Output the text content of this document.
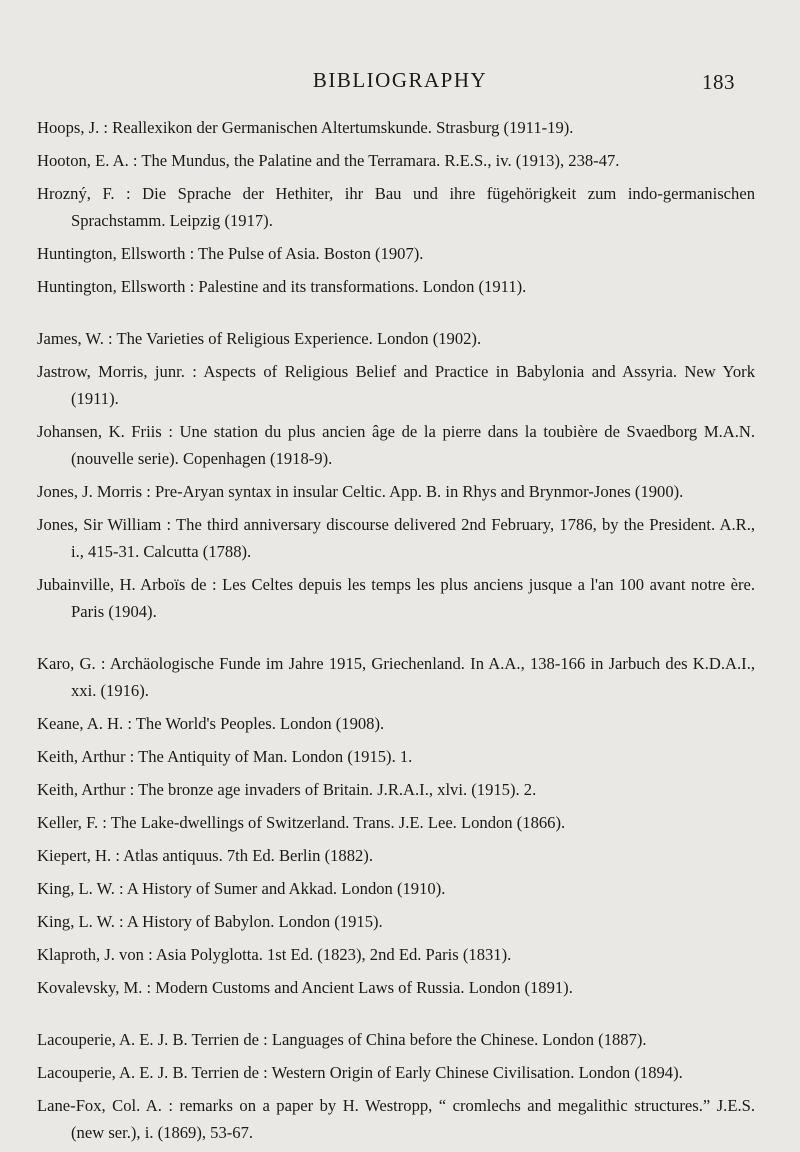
BIBLIOGRAPHY	183

Hoops, J. : Reallexikon der Germanischen Altertumskunde. Strasburg (1911-19).

Hooton, E. A. : The Mundus, the Palatine and the Terramara. R.E.S., iv. (1913), 238-47.

Hrozný, F. : Die Sprache der Hethiter, ihr Bau und ihre fügehörigkeit zum indo-germanischen Sprachstamm. Leipzig (1917).

Huntington, Ellsworth : The Pulse of Asia. Boston (1907).

Huntington, Ellsworth : Palestine and its transformations. London (1911).

James, W. : The Varieties of Religious Experience. London (1902).

Jastrow, Morris, junr. : Aspects of Religious Belief and Practice in Babylonia and Assyria. New York (1911).

Johansen, K. Friis : Une station du plus ancien âge de la pierre dans la toubière de Svaedborg M.A.N. (nouvelle serie). Copenhagen (1918-9).

Jones, J. Morris : Pre-Aryan syntax in insular Celtic. App. B. in Rhys and Brynmor-Jones (1900).

Jones, Sir William : The third anniversary discourse delivered 2nd February, 1786, by the President. A.R., i., 415-31. Calcutta (1788).

Jubainville, H. Arboïs de : Les Celtes depuis les temps les plus anciens jusque a l'an 100 avant notre ère. Paris (1904).

Karo, G. : Archäologische Funde im Jahre 1915, Griechenland. In A.A., 138-166 in Jarbuch des K.D.A.I., xxi. (1916).

Keane, A. H. : The World's Peoples. London (1908).

Keith, Arthur : The Antiquity of Man. London (1915). 1.

Keith, Arthur : The bronze age invaders of Britain. J.R.A.I., xlvi. (1915). 2.

Keller, F. : The Lake-dwellings of Switzerland. Trans. J.E. Lee. London (1866).

Kiepert, H. : Atlas antiquus. 7th Ed. Berlin (1882).

King, L. W. : A History of Sumer and Akkad. London (1910).

King, L. W. : A History of Babylon. London (1915).

Klaproth, J. von : Asia Polyglotta. 1st Ed. (1823), 2nd Ed. Paris (1831).

Kovalevsky, M. : Modern Customs and Ancient Laws of Russia. London (1891).

Lacouperie, A. E. J. B. Terrien de : Languages of China before the Chinese. London (1887).

Lacouperie, A. E. J. B. Terrien de : Western Origin of Early Chinese Civilisation. London (1894).

Lane-Fox, Col. A. : remarks on a paper by H. Westropp, “ cromlechs and megalithic structures.” J.E.S. (new ser.), i. (1869), 53-67.
